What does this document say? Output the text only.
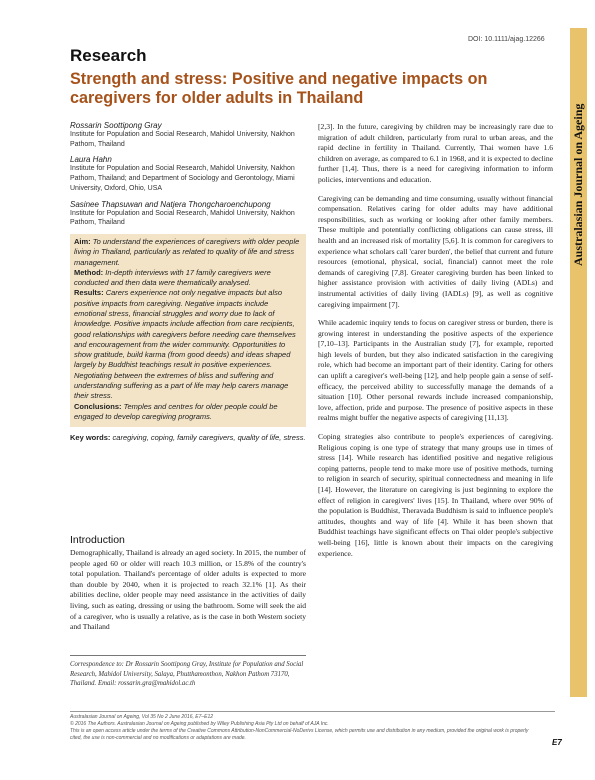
DOI: 10.1111/ajag.12266
Australasian Journal on Ageing
Research
Strength and stress: Positive and negative impacts on caregivers for older adults in Thailand
Rossarin Soottipong Gray
Institute for Population and Social Research, Mahidol University, Nakhon Pathom, Thailand
Laura Hahn
Institute for Population and Social Research, Mahidol University, Nakhon Pathom, Thailand; and Department of Sociology and Gerontology, Miami University, Oxford, Ohio, USA
Sasinee Thapsuwan and Natjera Thongcharoenchupong
Institute for Population and Social Research, Mahidol University, Nakhon Pathom, Thailand
Aim: To understand the experiences of caregivers with older people living in Thailand, particularly as related to quality of life and stress management.
Method: In-depth interviews with 17 family caregivers were conducted and then data were thematically analysed.
Results: Carers experience not only negative impacts but also positive impacts from caregiving. Negative impacts include emotional stress, financial struggles and worry due to lack of knowledge. Positive impacts include affection from care recipients, good relationships with caregivers before needing care themselves and encouragement from the wider community. Opportunities to show gratitude, build karma (from good deeds) and ideas shaped largely by Buddhist teachings result in positive experiences. Negotiating between the extremes of bliss and suffering and understanding suffering as a part of life may help carers manage their stress.
Conclusions: Temples and centres for older people could be engaged to develop caregiving programs.
Key words: caregiving, coping, family caregivers, quality of life, stress.
Introduction
Demographically, Thailand is already an aged society. In 2015, the number of people aged 60 or older will reach 10.3 million, or 15.8% of the country's total population. Thailand's percentage of older adults is expected to more than double by 2040, when it is projected to reach 32.1% [1]. As their abilities decline, older people may need assistance in the activities of daily living, such as eating, dressing or using the bathroom. Some will seek the aid of a caregiver, who is usually a relative, as is the case in both Western society and Thailand
Correspondence to: Dr Rossarin Soottipong Gray, Institute for Population and Social Research, Mahidol University, Salaya, Phutthamonthon, Nakhon Pathom 73170, Thailand. Email: rossarin.gra@mahidol.ac.th

[2,3]. In the future, caregiving by children may be increasingly rare due to migration of adult children, particularly from rural to urban areas, and the rapid decline in fertility in Thailand. Currently, Thai women have 1.6 children on average, as compared to 6.1 in 1968, and it is expected to decline further [1,4]. Thus, there is a need for caregiving information to inform policies, interventions and education.

Caregiving can be demanding and time consuming, usually without financial compensation. Relatives caring for older adults may have additional responsibilities, such as working or looking after other family members. These multiple and potentially conflicting obligations can cause stress, ill health and an increased risk of mortality [5,6]. It is common for caregivers to experience what scholars call 'carer burden', the belief that current and future resources (emotional, physical, social, financial) cannot meet the role demands of caregiving [7,8]. Greater caregiving burden has been linked to higher assistance provision with activities of daily living (ADLs) and instrumental activities of daily living (IADLs) [9], as well as cognitive caregiving impairment [7].

While academic inquiry tends to focus on caregiver stress or burden, there is growing interest in understanding the positive aspects of the experience [7,10–13]. Participants in the Australian study [7], for example, reported high levels of burden, but they also indicated satisfaction in the caregiving role, which had become an important part of their identity. Caring for others can uplift a caregiver's well-being [12], and help people gain a sense of self-efficacy, the perceived ability to successfully manage the demands of a situation [10]. Other personal rewards include increased companionship, love, affection, pride and purpose. The presence of positive aspects in these realms might buffer the negative aspects of caregiving [11,13].

Coping strategies also contribute to people's experiences of caregiving. Religious coping is one type of strategy that many groups use in times of stress [14]. While research has identified positive and negative religious coping patterns, people tend to make more use of positive methods, turning to religion in search of security, spiritual connectedness and meaning in life [14]. However, the literature on caregiving is just beginning to explore the effect of religion in caregivers' lives [15]. In Thailand, where over 90% of the population is Buddhist, Theravada Buddhism is said to influence people's attitudes, thoughts and way of life [4]. While it has been shown that Buddhist teachings have significant effects on Thai older people's subjective well-being [16], little is known about their impacts on the caregiving experience.

Australasian Journal on Ageing, Vol 35 No 2 June 2016, E7–E12
© 2016 The Authors. Australasian Journal on Ageing published by Wiley Publishing Asia Pty Ltd on behalf of AJA Inc.
This is an open access article under the terms of the Creative Commons Attribution-NonCommercial-NoDerivs License, which permits use and distribution in any medium, provided the original work is properly
cited, the use is non-commercial and no modifications or adaptations are made.	E7
